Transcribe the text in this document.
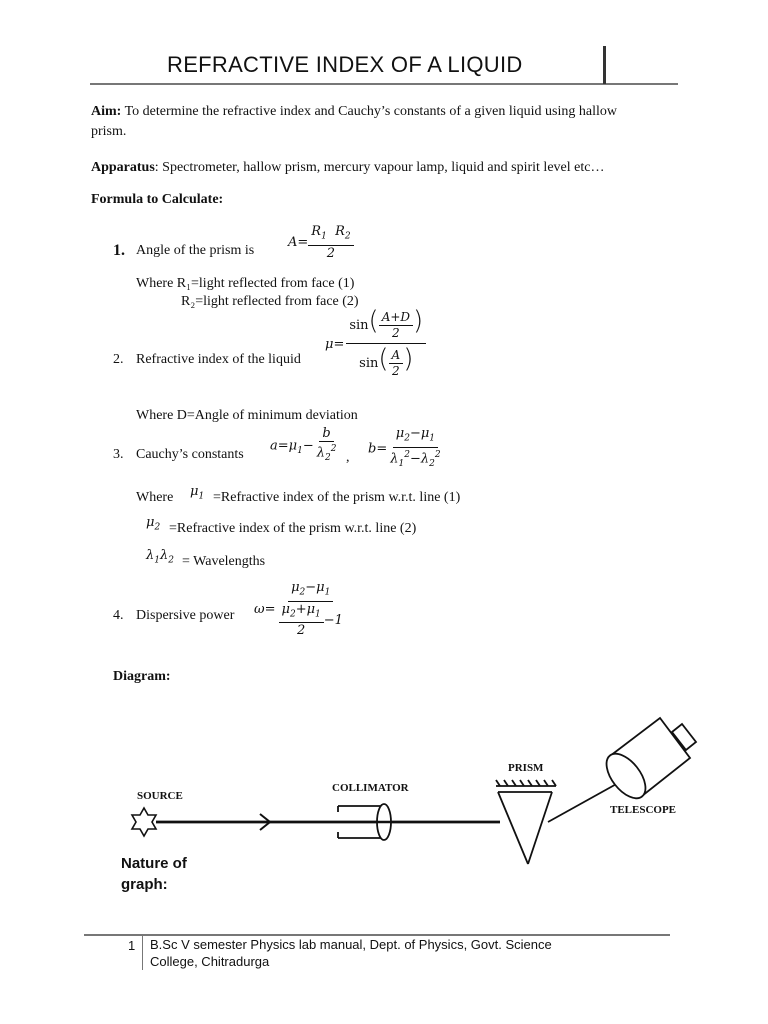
REFRACTIVE INDEX OF A LIQUID
Aim: To determine the refractive index and Cauchy’s constants of a given liquid using hallow
prism.
Apparatus: Spectrometer, hallow prism, mercury vapour lamp, liquid and spirit level etc…
Formula to Calculate:
1. Angle of the prism is
$A= \frac{R_1 R_2}{2}$
Where R₁=light reflected from face (1)
R₂=light reflected from face (2)
2. Refractive index of the liquid
$\mu= \frac{\sin( \frac{A+D}{2} )}{\sin( \frac{A}{2} )}$
Where D=Angle of minimum deviation
3. Cauchy’s constants
$a=\mu_1- \frac{b}{\lambda_2^2}$ ,
$b= \frac{\mu_2-\mu_1}{\lambda_1^2-\lambda_2^2}$
Where $\mu_1$ =Refractive index of the prism w.r.t. line (1)
$\mu_2$ =Refractive index of the prism w.r.t. line (2)
$\lambda_1\lambda_2$ = Wavelengths
4. Dispersive power $\omega= \frac{\mu_2-\mu_1}{\frac{\mu_2+\mu_1}{2} -1}$
Diagram:
SOURCE
COLLIMATOR
PRISM
TELESCOPE
Nature of graph:
1 B.Sc V semester Physics lab manual, Dept. of Physics, Govt. Science
College, Chitradurga
